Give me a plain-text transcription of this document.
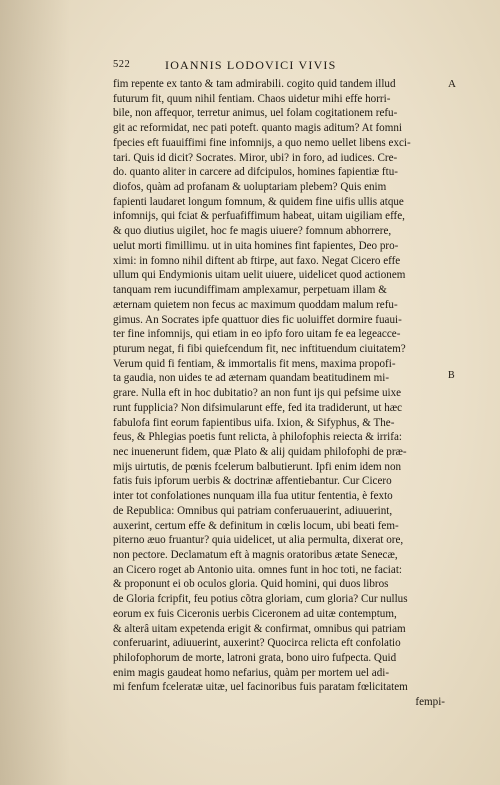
522	IOANNIS LODOVICI VIVIS
A
B
fim repente ex tanto & tam admirabili. cogito quid tandem illud
futurum fit, quum nihil fentiam. Chaos uidetur mihi effe horri-
bile, non affequor, terretur animus, uel folam cogitationem refu-
git ac reformidat, nec pati poteft. quanto magis aditum? At fomni
fpecies eft fuauiffimi fine infomnijs, a quo nemo uellet libens exci-
tari. Quis id dicit? Socrates. Miror, ubi? in foro, ad iudices. Cre-
do. quanto aliter in carcere ad difcipulos, homines fapientiæ ftu-
diofos, quàm ad profanam & uoluptariam plebem? Quis enim
fapienti laudaret longum fomnum, & quidem fine uifis ullis atque
infomnijs, qui fciat & perfuafiffimum habeat, uitam uigiliam effe,
& quo diutius uigilet, hoc fe magis uiuere? fomnum abhorrere,
uelut morti fimillimu. ut in uita homines fint fapientes, Deo pro-
ximi: in fomno nihil diftent ab ftirpe, aut faxo. Negat Cicero effe
ullum qui Endymionis uitam uelit uiuere, uidelicet quod actionem
tanquam rem iucundiffimam amplexamur, perpetuam illam &
æternam quietem non fecus ac maximum quoddam malum refu-
gimus. An Socrates ipfe quattuor dies fic uoluiffet dormire fuaui-
ter fine infomnijs, qui etiam in eo ipfo foro uitam fe ea legeacce-
pturum negat, fi fibi quiefcendum fit, nec inftituendum ciuitatem?
Verum quid fi fentiam, & immortalis fit mens, maxima propofi-
ta gaudia, non uides te ad æternam quandam beatitudinem mi-
grare. Nulla eft in hoc dubitatio? an non funt ijs qui pefsime uixe
runt fupplicia? Non difsimularunt effe, fed ita tradiderunt, ut hæc
fabulofa fint eorum fapientibus uifa. Ixion, & Sifyphus, & The-
feus, & Phlegias poetis funt relicta, à philofophis reiecta & irrifa:
nec inuenerunt fidem, quæ Plato & alij quidam philofophi de præ-
mijs uirtutis, de pœnis fcelerum balbutierunt. Ipfi enim idem non
fatis fuis ipforum uerbis & doctrinæ affentiebantur. Cur Cicero
inter tot confolationes nunquam illa fua utitur fententia, è fexto
de Republica: Omnibus qui patriam conferuauerint, adiuuerint,
auxerint, certum effe & definitum in cœlis locum, ubi beati fem-
piterno æuo fruantur? quia uidelicet, ut alia permulta, dixerat ore,
non pectore. Declamatum eft à magnis oratoribus ætate Senecæ,
an Cicero roget ab Antonio uita. omnes funt in hoc toti, ne faciat:
& proponunt ei ob oculos gloria. Quid homini, qui duos libros
de Gloria fcripfit, feu potius cõtra gloriam, cum gloria? Cur nullus
eorum ex fuis Ciceronis uerbis Ciceronem ad uitæ contemptum,
& alterâ uitam expetenda erigit & confirmat, omnibus qui patriam
conferuarint, adiuuerint, auxerint? Quocirca relicta eft confolatio
philofophorum de morte, latroni grata, bono uiro fufpecta. Quid
enim magis gaudeat homo nefarius, quàm per mortem uel adi-
mi fenfum fceleratæ uitæ, uel facinoribus fuis paratam fœlicitatem
fempi-
